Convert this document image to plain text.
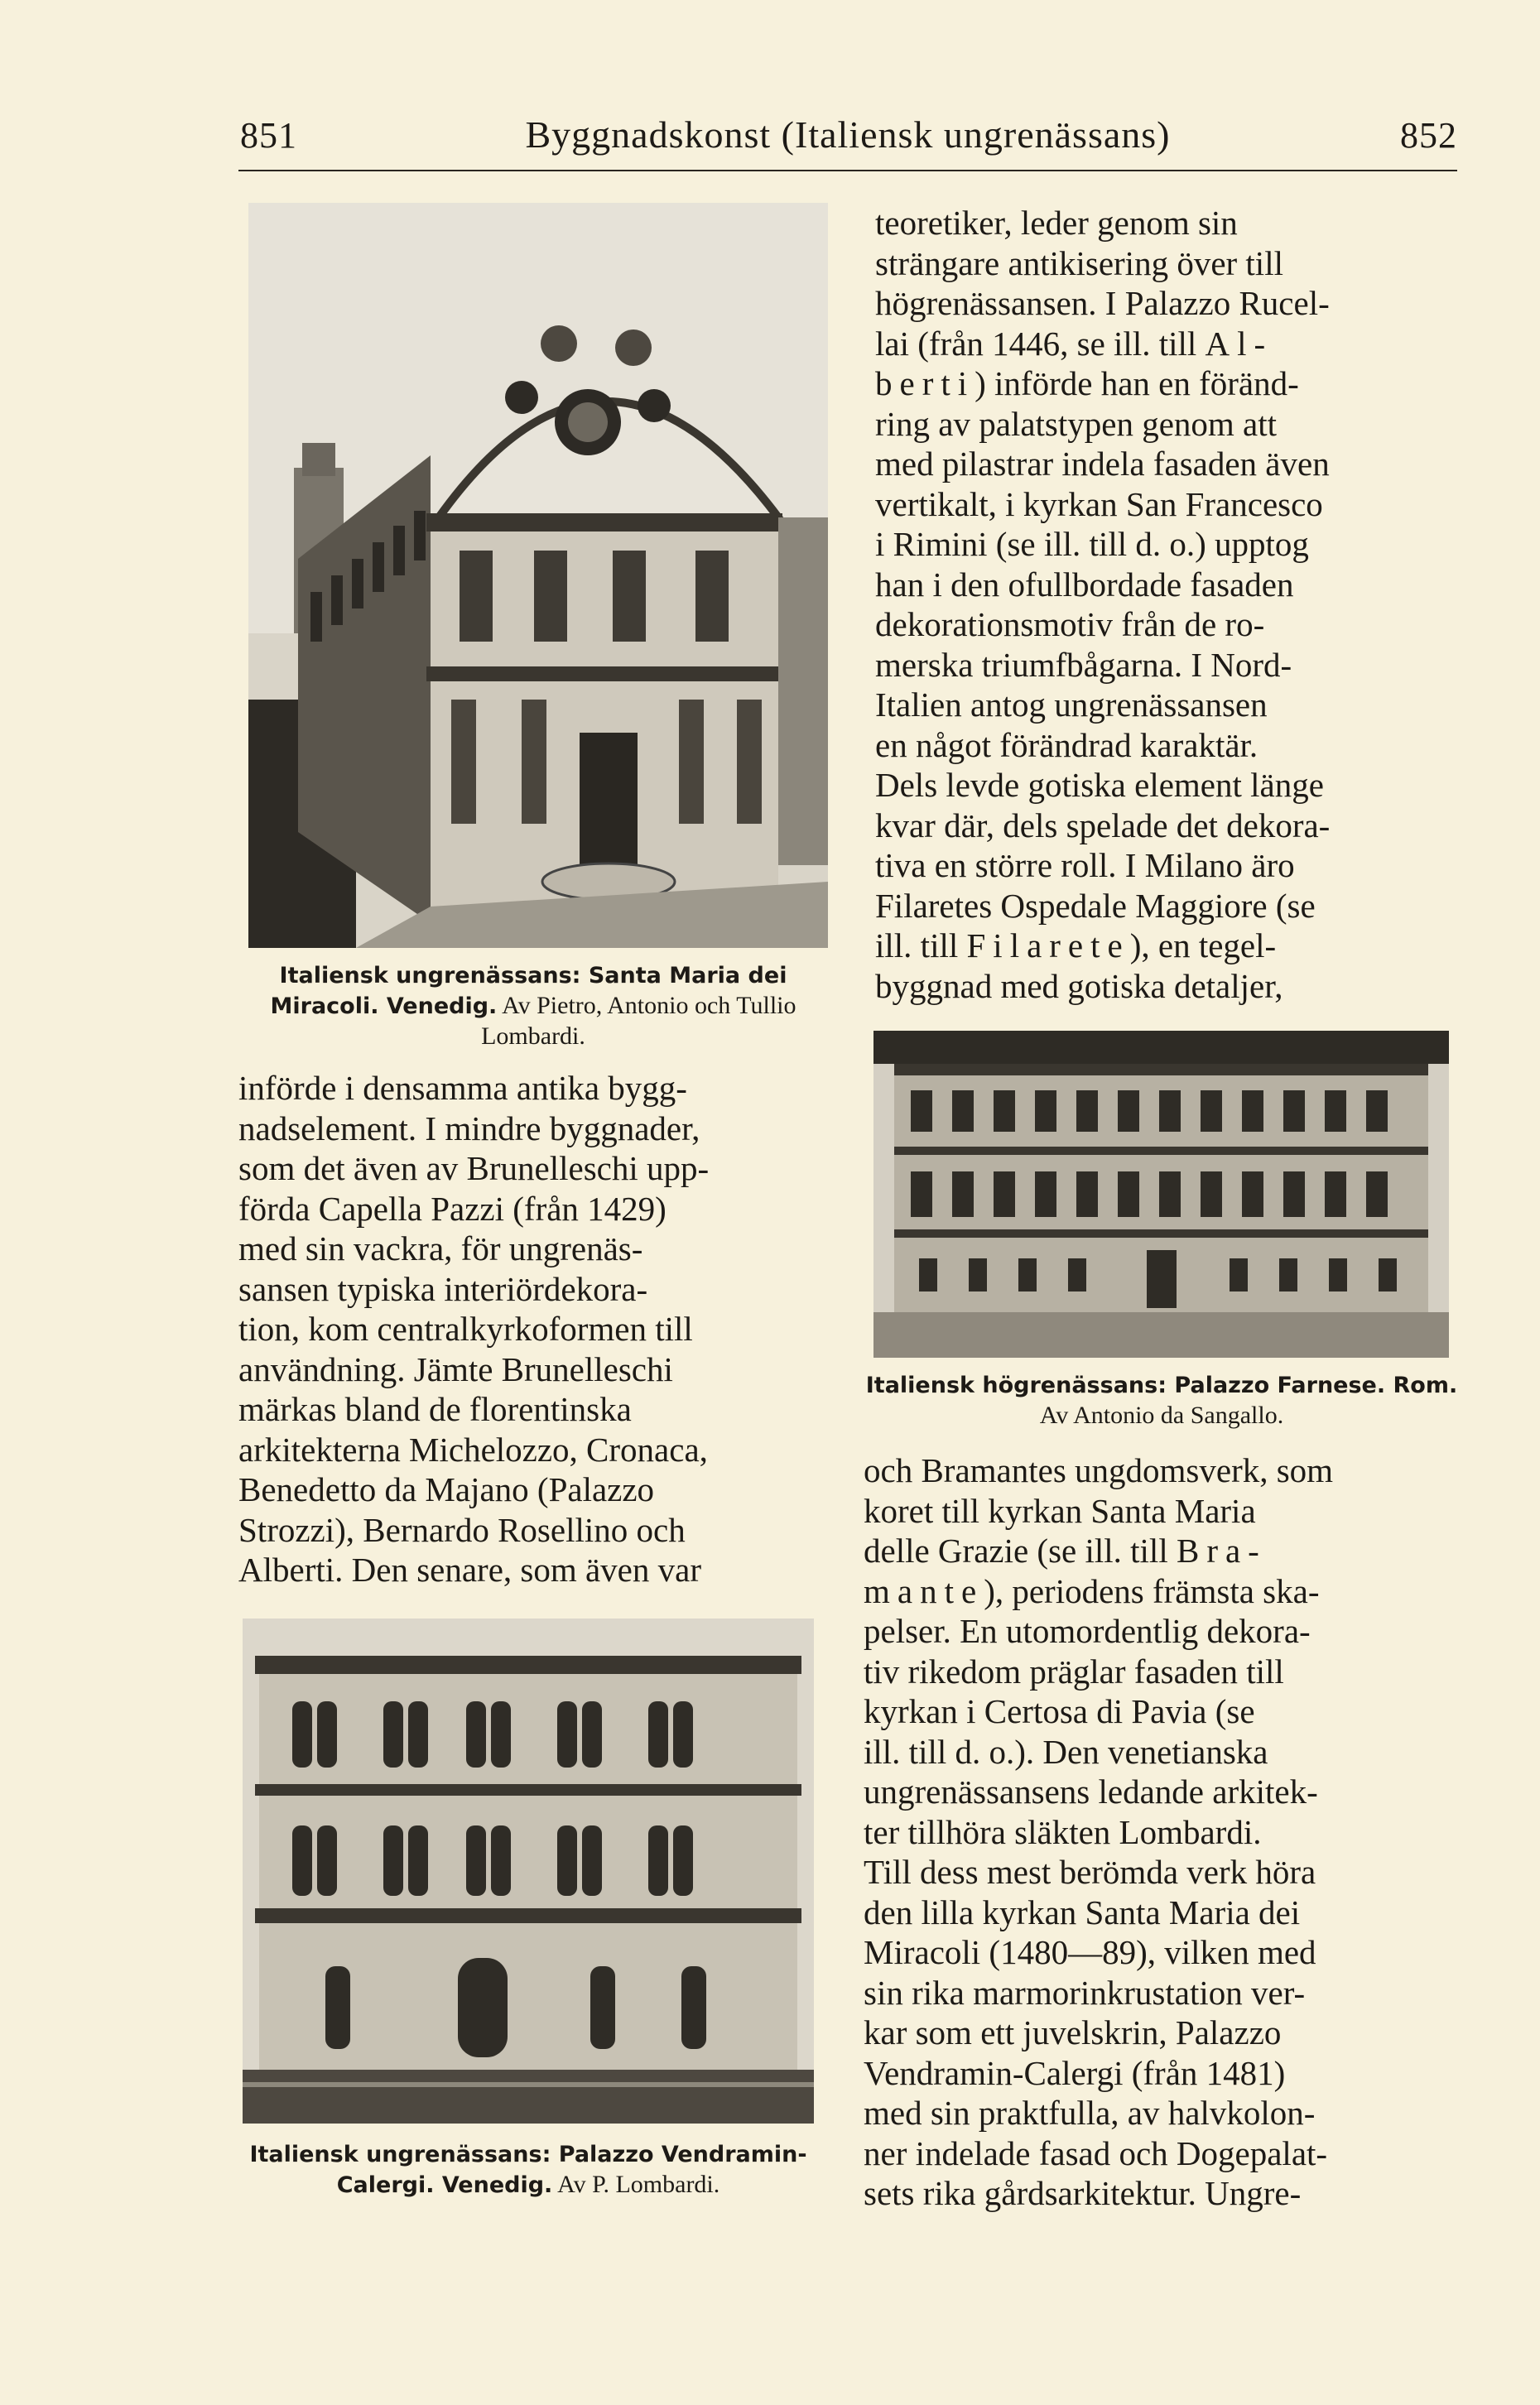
851	Byggnadskonst (Italiensk ungrenässans)	852
Italiensk ungrenässans: Santa Maria dei Miracoli. Venedig. Av Pietro, Antonio och Tullio Lombardi.

införde i densamma antika bygg-

nadselement. I mindre byggnader,

som det även av Brunelleschi upp-

förda Capella Pazzi (från 1429)

med sin vackra, för ungrenäs-

sansen typiska interiördekora-

tion, kom centralkyrkoformen till

användning. Jämte Brunelleschi

märkas bland de florentinska

arkitekterna Michelozzo, Cronaca,

Benedetto da Majano (Palazzo

Strozzi), Bernardo Rosellino och

Alberti. Den senare, som även var

Italiensk ungrenässans: Palazzo Vendramin-Calergi. Venedig. Av P. Lombardi.

teoretiker, leder genom sin

strängare antikisering över till

högrenässansen. I Palazzo Rucel-

lai (från 1446, se ill. till Al-

berti) införde han en föränd-

ring av palatstypen genom att

med pilastrar indela fasaden även

vertikalt, i kyrkan San Francesco

i Rimini (se ill. till d. o.) upptog

han i den ofullbordade fasaden

dekorationsmotiv från de ro-

merska triumfbågarna. I Nord-

Italien antog ungrenässansen

en något förändrad karaktär.

Dels levde gotiska element länge

kvar där, dels spelade det dekora-

tiva en större roll. I Milano äro

Filaretes Ospedale Maggiore (se

ill. till Filarete), en tegel-

byggnad med gotiska detaljer,

Italiensk högrenässans: Palazzo Farnese. Rom. Av Antonio da Sangallo.

och Bramantes ungdomsverk, som

koret till kyrkan Santa Maria

delle Grazie (se ill. till Bra-

mante), periodens främsta ska-

pelser. En utomordentlig dekora-

tiv rikedom präglar fasaden till

kyrkan i Certosa di Pavia (se

ill. till d. o.). Den venetianska

ungrenässansens ledande arkitek-

ter tillhöra släkten Lombardi.

Till dess mest berömda verk höra

den lilla kyrkan Santa Maria dei

Miracoli (1480—89), vilken med

sin rika marmorinkrustation ver-

kar som ett juvelskrin, Palazzo

Vendramin-Calergi (från 1481)

med sin praktfulla, av halvkolon-

ner indelade fasad och Dogepalat-

sets rika gårdsarkitektur. Ungre-
